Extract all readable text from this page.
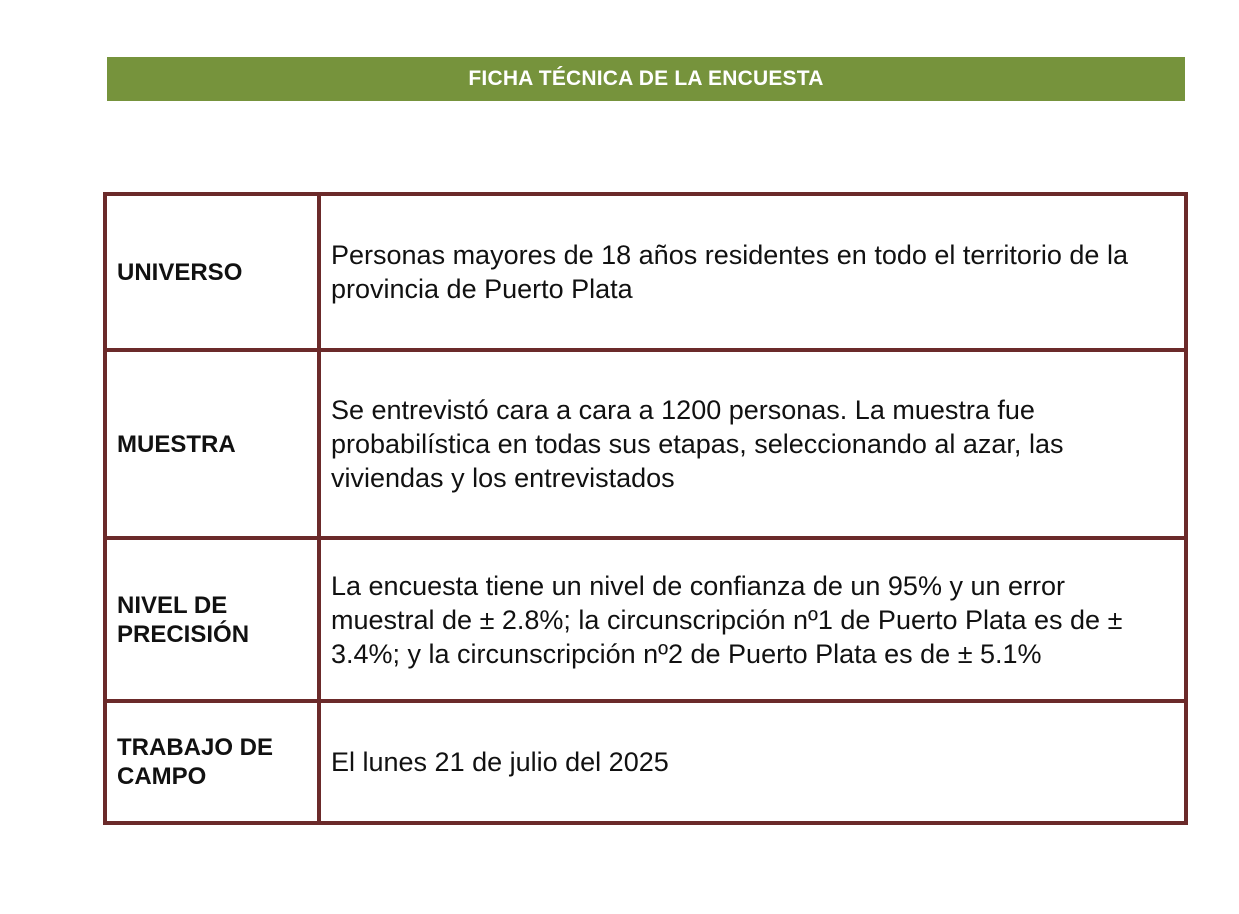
FICHA TÉCNICA DE LA ENCUESTA
UNIVERSO	Personas mayores de 18 años residentes en todo el territorio de la provincia de Puerto Plata

MUESTRA	Se entrevistó cara a cara a 1200 personas. La muestra fue probabilística en todas sus etapas, seleccionando al azar, las viviendas y los entrevistados

NIVEL DE
PRECISIÓN	La encuesta tiene un nivel de confianza de un 95% y un error muestral de ± 2.8%; la circunscripción nº1 de Puerto Plata es de ± 3.4%; y la circunscripción nº2 de Puerto Plata es de ± 5.1%

TRABAJO DE
CAMPO	El lunes 21 de julio del 2025
